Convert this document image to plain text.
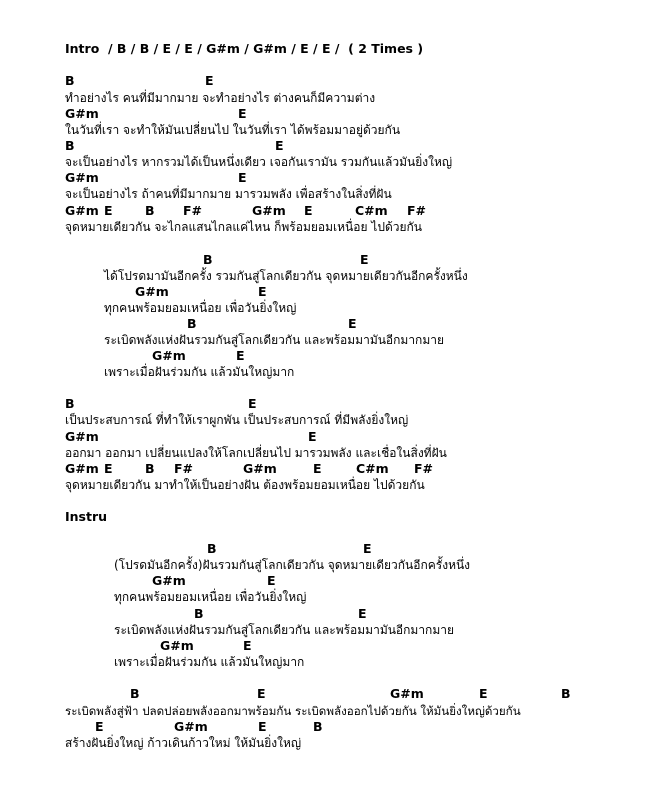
Intro  / B / B / E / E / G#m / G#m / E / E /  ( 2 Times )
B	E
ทำอย่างไร คนที่มีมากมาย จะทำอย่างไร ต่างคนก็มีความต่าง
G#m	E
ในวันที่เรา จะทำให้มันเปลี่ยนไป ในวันที่เรา ได้พร้อมมาอยู่ด้วยกัน
B	E
จะเป็นอย่างไร หากรวมได้เป็นหนึ่งเดียว เจอกันเรามัน รวมกันแล้วมันยิ่งใหญ่
G#m	E
จะเป็นอย่างไร ถ้าคนที่มีมากมาย มารวมพลัง เพื่อสร้างในสิ่งที่ฝัน
G#m E	B F#	G#m E	C#m F#
จุดหมายเดียวกัน จะไกลแสนไกลแค่ไหน ก็พร้อมยอมเหนื่อย ไปด้วยกัน
B	E
ได้โปรดมามันอีกครั้ง รวมกันสู่โลกเดียวกัน จุดหมายเดียวกันอีกครั้งหนึ่ง
G#m	E
ทุกคนพร้อมยอมเหนื่อย เพื่อวันยิ่งใหญ่
B	E
ระเบิดพลังแห่งฝันรวมกันสู่โลกเดียวกัน และพร้อมมามันอีกมากมาย
G#m	E
เพราะเมื่อฝันร่วมกัน แล้วมันใหญ่มาก
B	E
เป็นประสบการณ์ ที่ทำให้เราผูกพัน เป็นประสบการณ์ ที่มีพลังยิ่งใหญ่
G#m	E
ออกมา ออกมา เปลี่ยนแปลงให้โลกเปลี่ยนไป มารวมพลัง และเชื่อในสิ่งที่ฝัน
G#m E	B F#	G#m	E	C#m F#
จุดหมายเดียวกัน มาทำให้เป็นอย่างฝัน ต้องพร้อมยอมเหนื่อย ไปด้วยกัน
Instru
B	E
(โปรดมันอีกครั้ง)ฝันรวมกันสู่โลกเดียวกัน จุดหมายเดียวกันอีกครั้งหนึ่ง
G#m	E
ทุกคนพร้อมยอมเหนื่อย เพื่อวันยิ่งใหญ่
B	E
ระเบิดพลังแห่งฝันรวมกันสู่โลกเดียวกัน และพร้อมมามันอีกมากมาย
G#m	E
เพราะเมื่อฝันร่วมกัน แล้วมันใหญ่มาก
B	E	G#m	E	B
ระเบิดพลังสู่ฟ้า ปลดปล่อยพลังออกมาพร้อมกัน ระเบิดพลังออกไปด้วยกัน ให้มันยิ่งใหญ่ด้วยกัน
E	G#m	E	B
สร้างฝันยิ่งใหญ่ ก้าวเดินก้าวใหม่ ให้มันยิ่งใหญ่
